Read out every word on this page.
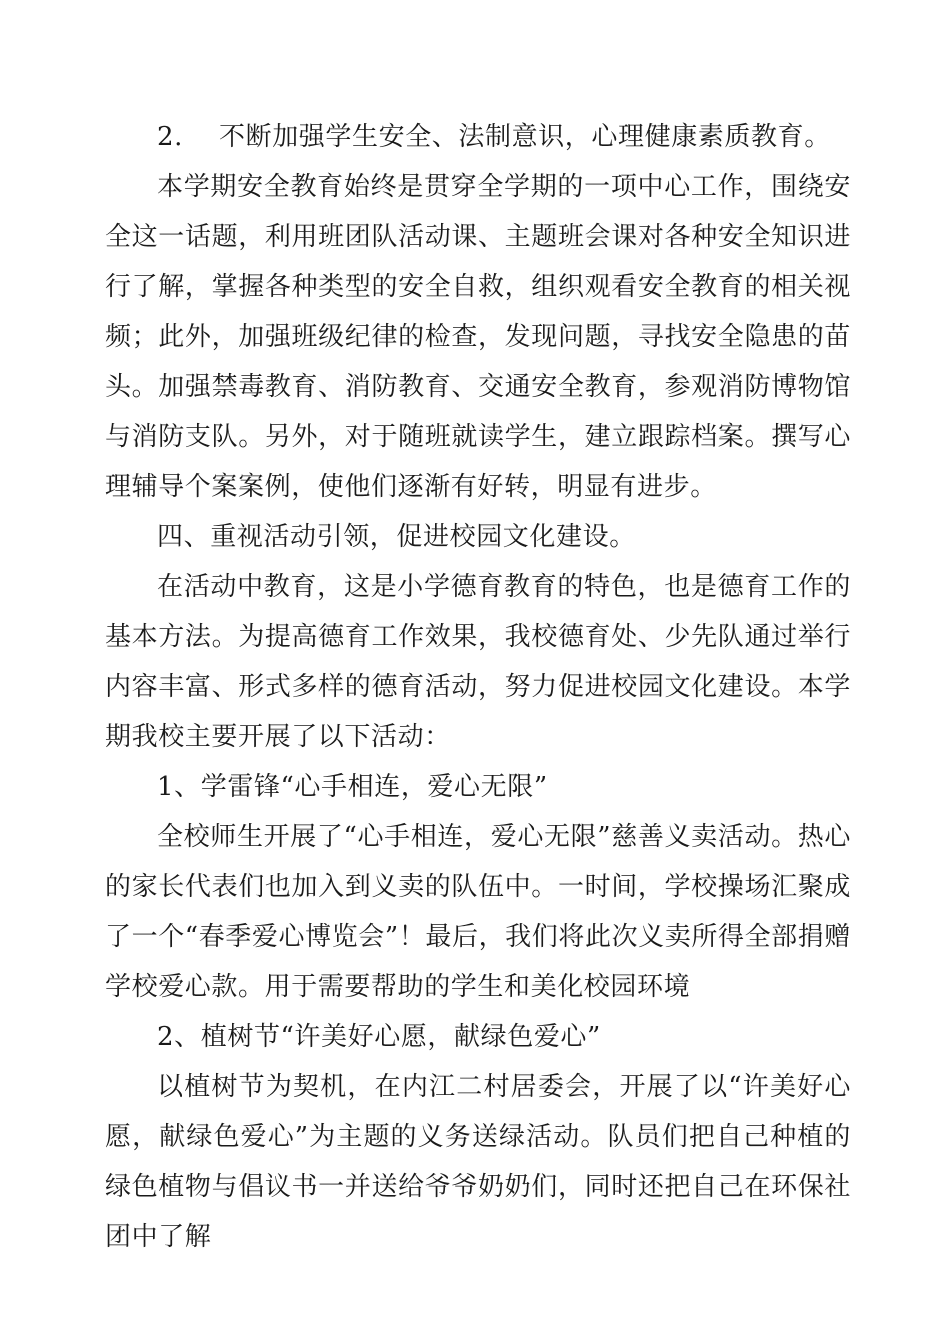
2. 不断加强学生安全、法制意识，心理健康素质教育。

本学期安全教育始终是贯穿全学期的一项中心工作，围绕安全这一话题，利用班团队活动课、主题班会课对各种安全知识进行了解，掌握各种类型的安全自救，组织观看安全教育的相关视频；此外，加强班级纪律的检查，发现问题，寻找安全隐患的苗头。加强禁毒教育、消防教育、交通安全教育，参观消防博物馆与消防支队。另外，对于随班就读学生，建立跟踪档案。撰写心理辅导个案案例，使他们逐渐有好转，明显有进步。

四、重视活动引领，促进校园文化建设。

在活动中教育，这是小学德育教育的特色，也是德育工作的基本方法。为提高德育工作效果，我校德育处、少先队通过举行内容丰富、形式多样的德育活动，努力促进校园文化建设。本学期我校主要开展了以下活动：

1、学雷锋“心手相连，爱心无限”

全校师生开展了“心手相连，爱心无限”慈善义卖活动。热心的家长代表们也加入到义卖的队伍中。一时间，学校操场汇聚成了一个“春季爱心博览会”！最后，我们将此次义卖所得全部捐赠学校爱心款。用于需要帮助的学生和美化校园环境

2、植树节“许美好心愿，献绿色爱心”

以植树节为契机，在内江二村居委会，开展了以“许美好心愿，献绿色爱心”为主题的义务送绿活动。队员们把自己种植的绿色植物与倡议书一并送给爷爷奶奶们，同时还把自己在环保社团中了解
